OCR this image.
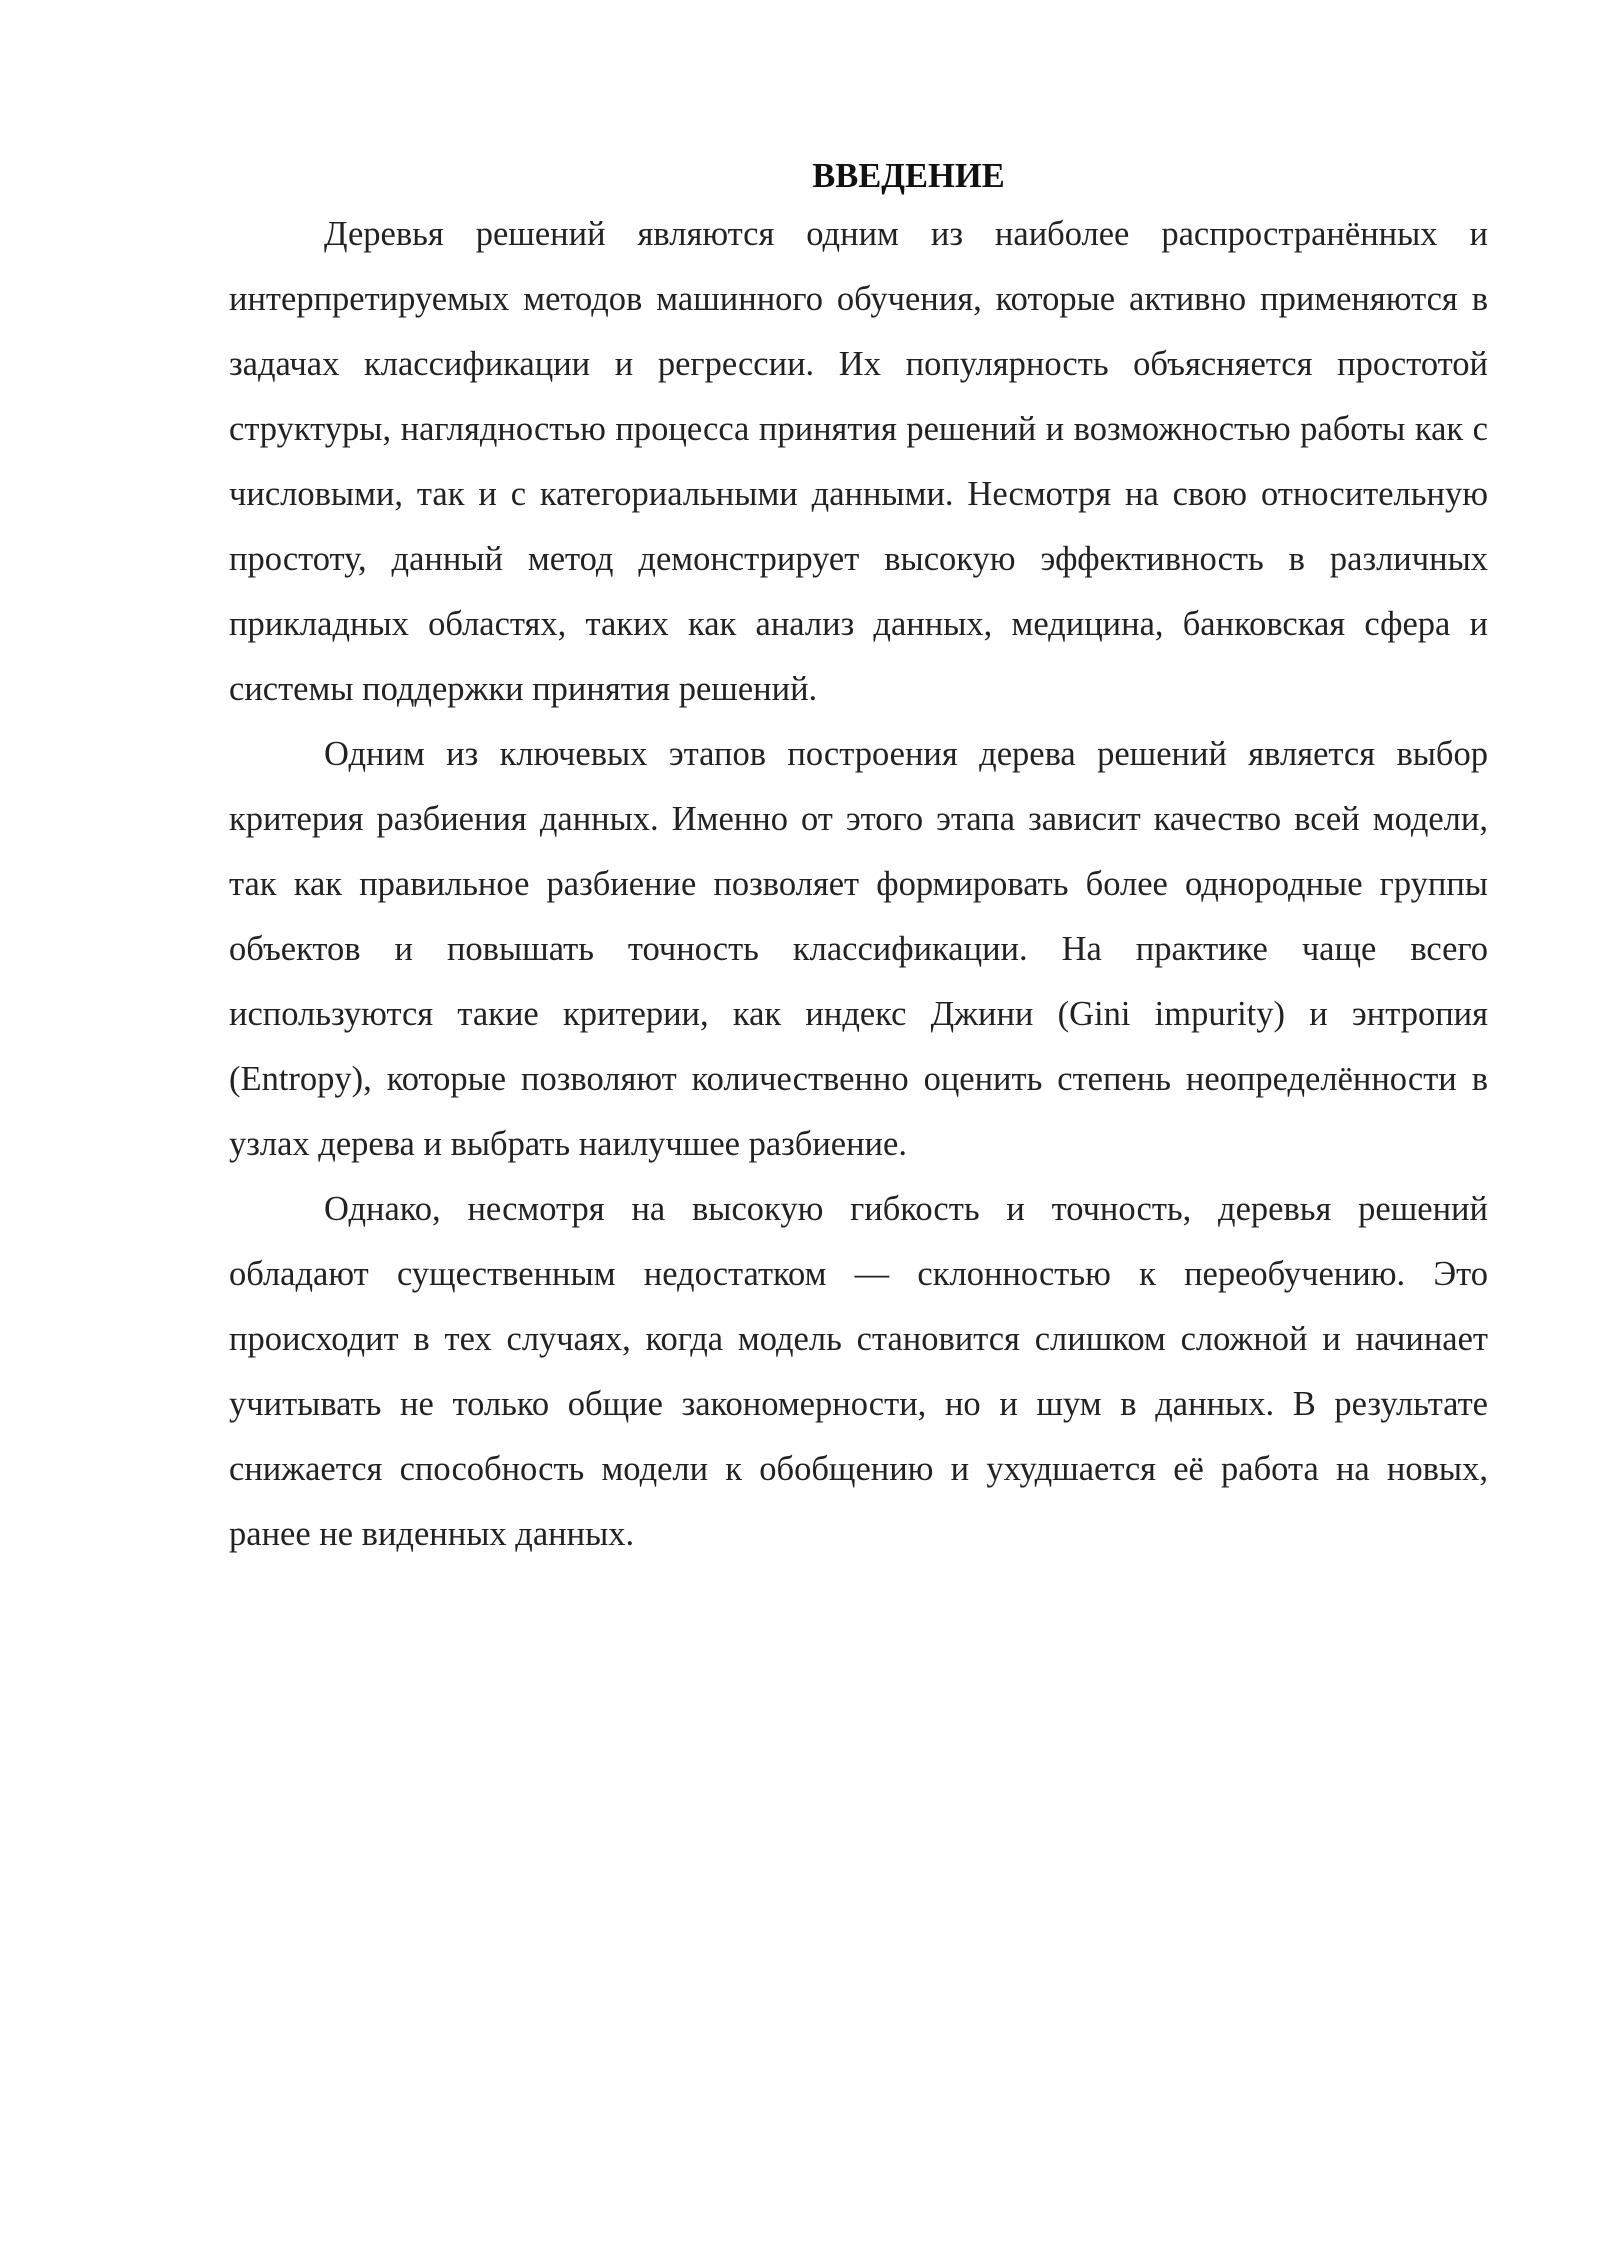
ВВЕДЕНИЕ

Деревья решений являются одним из наиболее распространённых и интерпретируемых методов машинного обучения, которые активно применяются в задачах классификации и регрессии. Их популярность объясняется простотой структуры, наглядностью процесса принятия решений и возможностью работы как с числовыми, так и с категориальными данными. Несмотря на свою относительную простоту, данный метод демонстрирует высокую эффективность в различных прикладных областях, таких как анализ данных, медицина, банковская сфера и системы поддержки принятия решений.

Одним из ключевых этапов построения дерева решений является выбор критерия разбиения данных. Именно от этого этапа зависит качество всей модели, так как правильное разбиение позволяет формировать более однородные группы объектов и повышать точность классификации. На практике чаще всего используются такие критерии, как индекс Джини (Gini impurity) и энтропия (Entropy), которые позволяют количественно оценить степень неопределённости в узлах дерева и выбрать наилучшее разбиение.

Однако, несмотря на высокую гибкость и точность, деревья решений обладают существенным недостатком — склонностью к переобучению. Это происходит в тех случаях, когда модель становится слишком сложной и начинает учитывать не только общие закономерности, но и шум в данных. В результате снижается способность модели к обобщению и ухудшается её работа на новых, ранее не виденных данных.
